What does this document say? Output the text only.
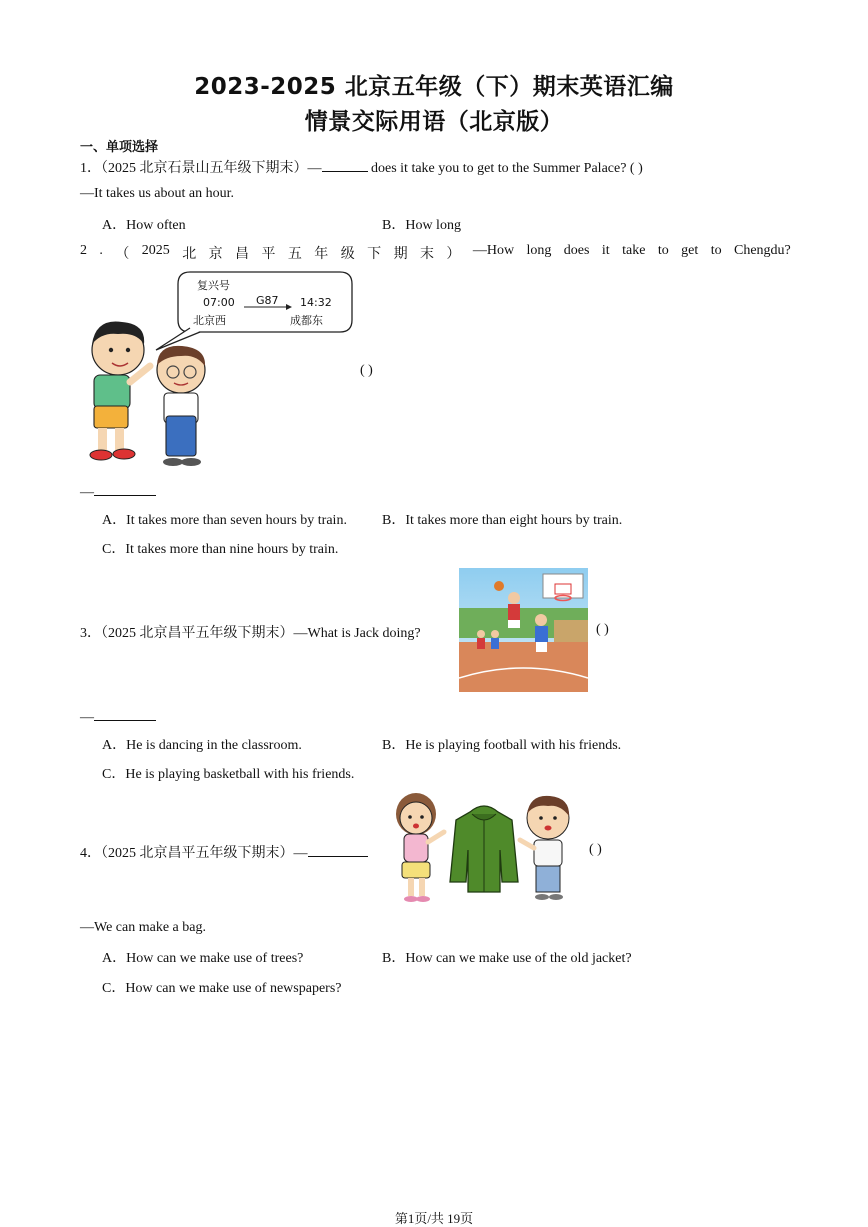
2023-2025 北京五年级（下）期末英语汇编
情景交际用语（北京版）
一、单项选择
1．（2025 北京石景山五年级下期末）—	does it take you to get to the Summer Palace? ( )
—It takes us about an hour.
A．How often	B．How long
2 . （ 2025 北 京 昌 平 五 年 级 下 期 末 ） —How long does it take to get to Chengdu?
复兴号
07:00 G87 14:32
北京西	成都东
( )
—
A．It takes more than seven hours by train.	B．It takes more than eight hours by train.
C．It takes more than nine hours by train.
3．（2025 北京昌平五年级下期末）—What is Jack doing?	( )
—
A．He is dancing in the classroom.	B．He is playing football with his friends.
C．He is playing basketball with his friends.
4．（2025 北京昌平五年级下期末）—	( )
—We can make a bag.
A．How can we make use of trees?	B．How can we make use of the old jacket?
C．How can we make use of newspapers?
第1页/共 19页
